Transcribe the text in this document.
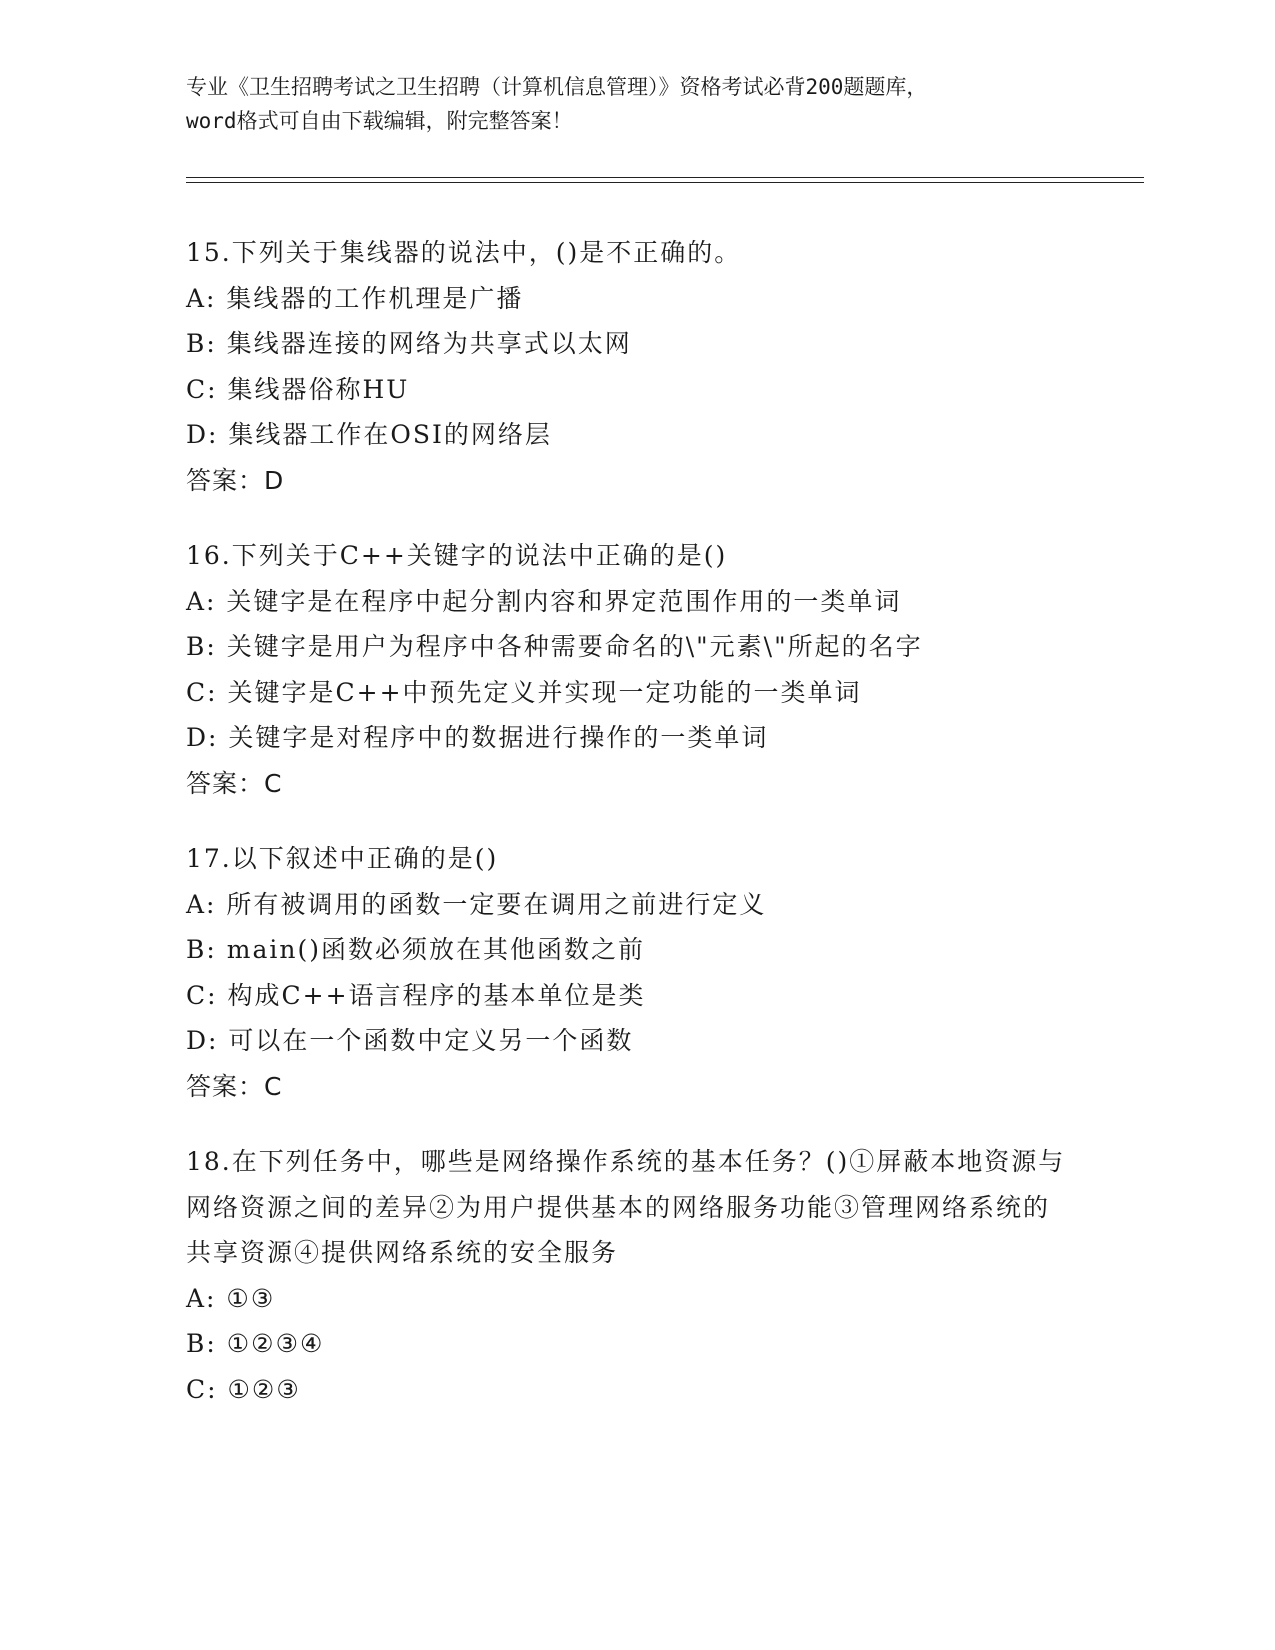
专业《卫生招聘考试之卫生招聘（计算机信息管理）》资格考试必背200题题库，
word格式可自由下载编辑，附完整答案！
15.下列关于集线器的说法中，()是不正确的。
A: 集线器的工作机理是广播
B: 集线器连接的网络为共享式以太网
C: 集线器俗称HU
D: 集线器工作在OSI的网络层
答案：D
16.下列关于C++关键字的说法中正确的是()
A: 关键字是在程序中起分割内容和界定范围作用的一类单词
B: 关键字是用户为程序中各种需要命名的\"元素\"所起的名字
C: 关键字是C++中预先定义并实现一定功能的一类单词
D: 关键字是对程序中的数据进行操作的一类单词
答案：C
17.以下叙述中正确的是()
A: 所有被调用的函数一定要在调用之前进行定义
B: main()函数必须放在其他函数之前
C: 构成C++语言程序的基本单位是类
D: 可以在一个函数中定义另一个函数
答案：C
18.在下列任务中，哪些是网络操作系统的基本任务？()①屏蔽本地资源与网络资源之间的差异②为用户提供基本的网络服务功能③管理网络系统的共享资源④提供网络系统的安全服务
A: ①③
B: ①②③④
C: ①②③
